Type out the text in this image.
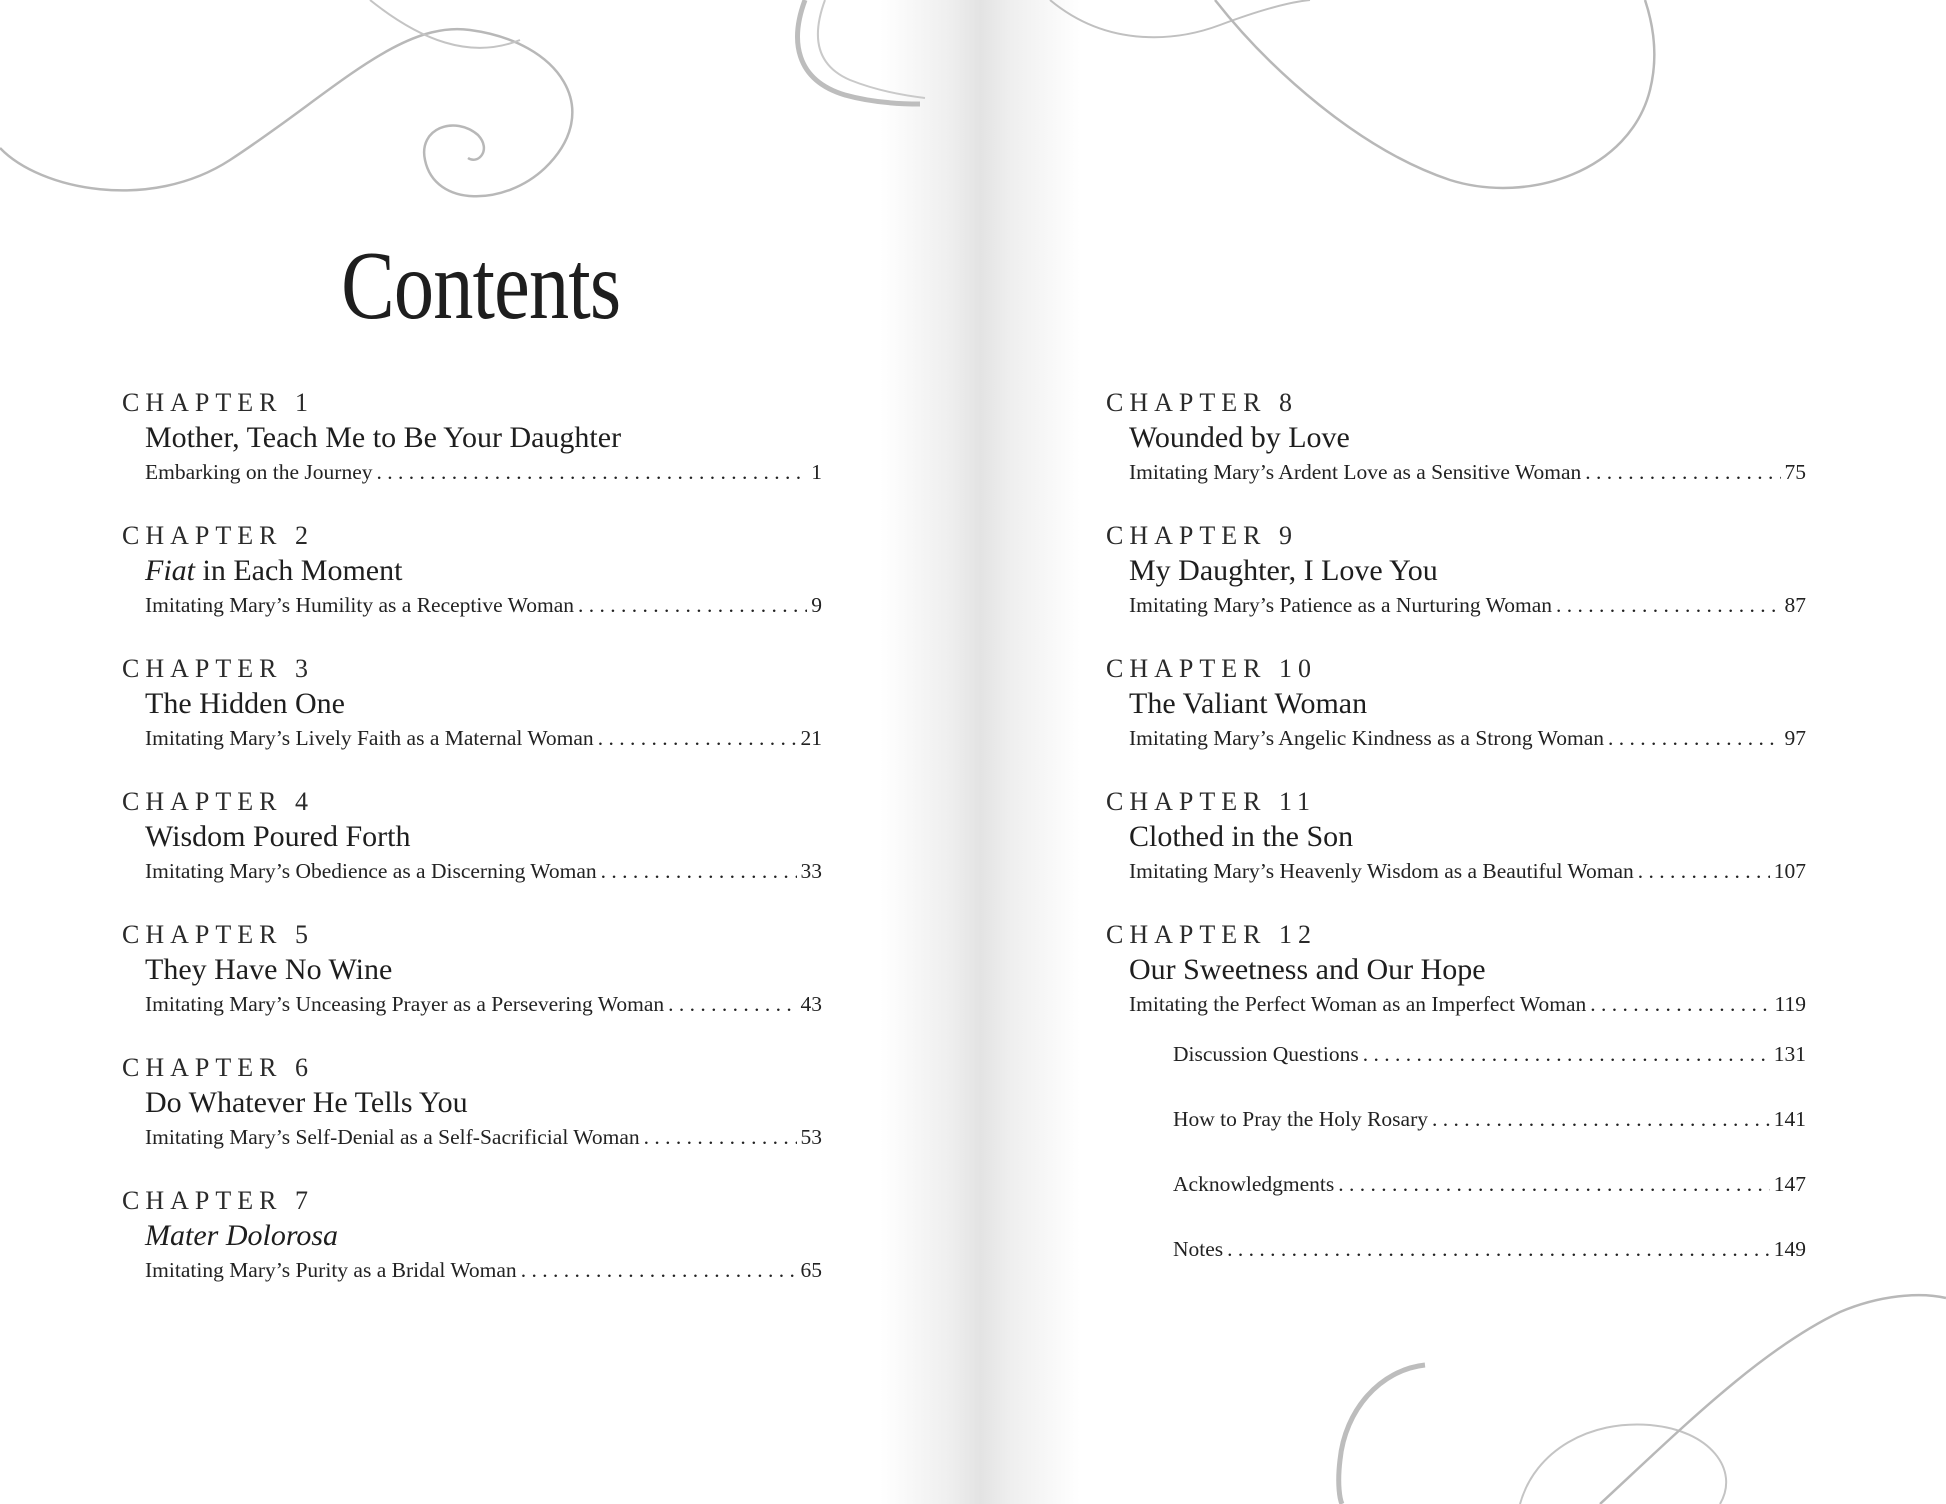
Contents
CHAPTER 1
Mother, Teach Me to Be Your Daughter
Embarking on the Journey . . .	1
CHAPTER 2
Fiat in Each Moment
Imitating Mary’s Humility as a Receptive Woman . . .	9
CHAPTER 3
The Hidden One
Imitating Mary’s Lively Faith as a Maternal Woman . . .	21
CHAPTER 4
Wisdom Poured Forth
Imitating Mary’s Obedience as a Discerning Woman . . .	33
CHAPTER 5
They Have No Wine
Imitating Mary’s Unceasing Prayer as a Persevering Woman . . .	43
CHAPTER 6
Do Whatever He Tells You
Imitating Mary’s Self-Denial as a Self-Sacrificial Woman . . .	53
CHAPTER 7
Mater Dolorosa
Imitating Mary’s Purity as a Bridal Woman . . .	65
CHAPTER 8
Wounded by Love
Imitating Mary’s Ardent Love as a Sensitive Woman . . .	75
CHAPTER 9
My Daughter, I Love You
Imitating Mary’s Patience as a Nurturing Woman . . .	87
CHAPTER 10
The Valiant Woman
Imitating Mary’s Angelic Kindness as a Strong Woman . . .	97
CHAPTER 11
Clothed in the Son
Imitating Mary’s Heavenly Wisdom as a Beautiful Woman . . .	107
CHAPTER 12
Our Sweetness and Our Hope
Imitating the Perfect Woman as an Imperfect Woman . . .	119
Discussion Questions . . .	131
How to Pray the Holy Rosary . . .	141
Acknowledgments . . .	147
Notes . . .	149
